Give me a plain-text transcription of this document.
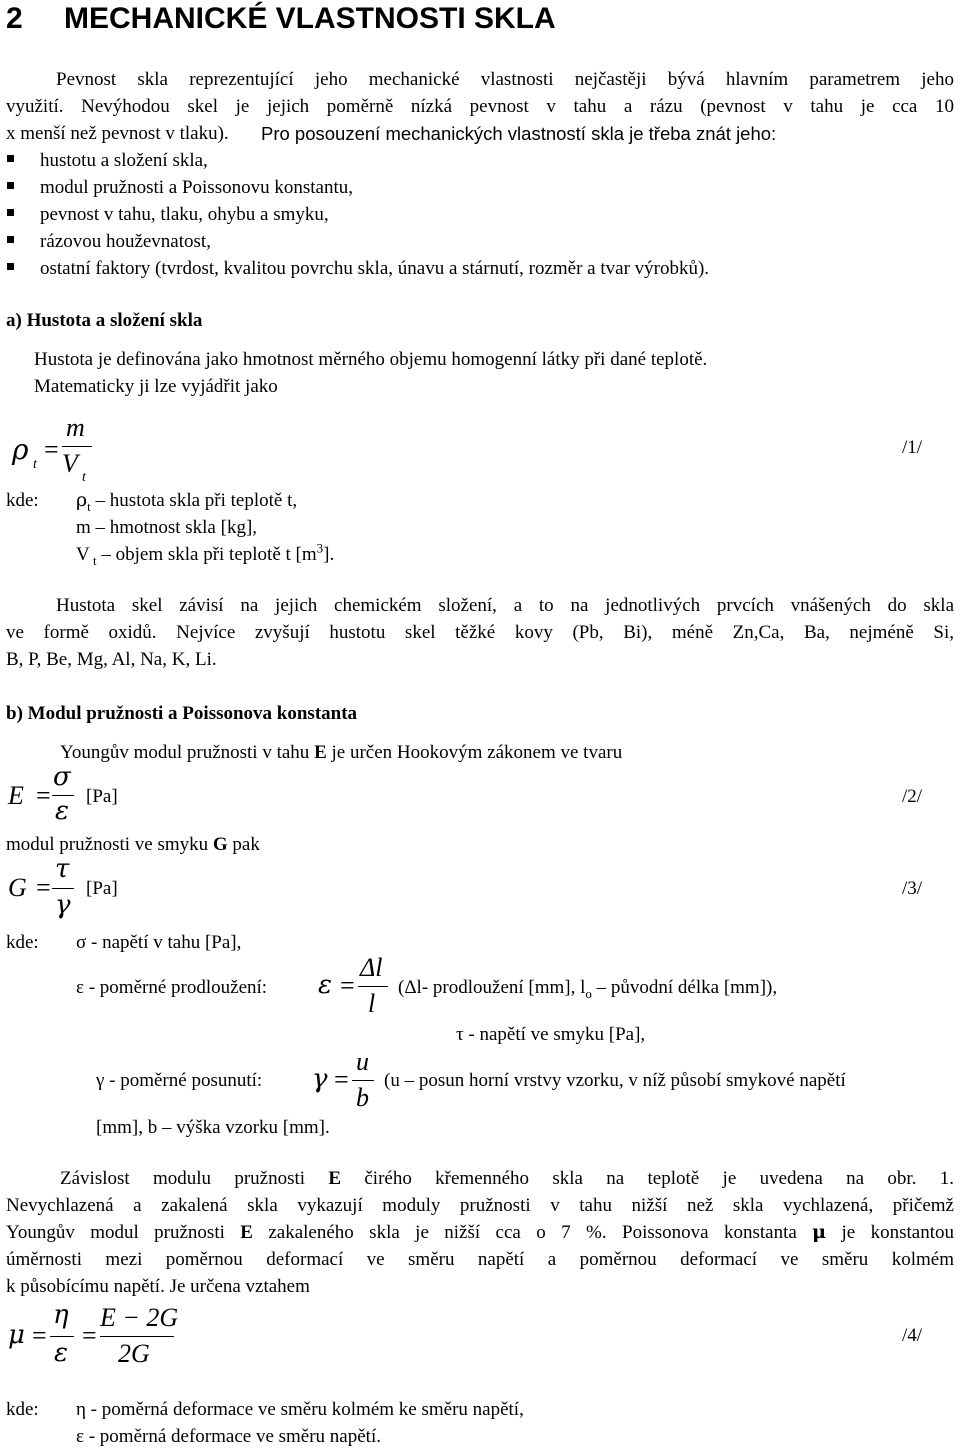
2 MECHANICKÉ VLASTNOSTI SKLA
Pevnost skla reprezentující jeho mechanické vlastnosti nejčastěji bývá hlavním parametrem jeho
využití. Nevýhodou skel je jejich poměrně nízká pevnost v tahu a rázu (pevnost v tahu je cca 10
x menší než pevnost v tlaku). Pro posouzení mechanických vlastností skla je třeba znát jeho:
hustotu a složení skla,
modul pružnosti a Poissonovu konstantu,
pevnost v tahu, tlaku, ohybu a smyku,
rázovou houževnatost,
ostatní faktory (tvrdost, kvalitou povrchu skla, únavu a stárnutí, rozměr a tvar výrobků).
a) Hustota a složení skla
Hustota je definována jako hmotnost měrného objemu homogenní látky při dané teplotě.
Matematicky ji lze vyjádřit jako
ρ t
=
m
V t
/1/
kde: $\rho_t$ – hustota skla při teplotě t,
m – hmotnost skla [kg],
V $_t$ – objem skla při teplotě t $[m^3]$.
Hustota skel závisí na jejich chemickém složení, a to na jednotlivých prvcích vnášených do skla
ve formě oxidů. Nejvíce zvyšují hustotu skel těžké kovy (Pb, Bi), méně Zn,Ca, Ba, nejméně Si,
B, P, Be, Mg, Al, Na, K, Li.
b) Modul pružnosti a Poissonova konstanta
Youngův modul pružnosti v tahu E je určen Hookovým zákonem ve tvaru
E =
σ
ε [Pa]	/2/
modul pružnosti ve smyku G pak
G =
τ
γ
[Pa]	/3/
kde: σ - napětí v tahu [Pa],
ε - poměrné prodloužení: ε =
Δl
l
(Δl- prodloužení [mm], $l_o$ – původní délka [mm]),
τ - napětí ve smyku [Pa],
γ - poměrné posunutí: γ =
u
b
(u – posun horní vrstvy vzorku, v níž působí smykové napětí
[mm], b – výška vzorku [mm].
Závislost modulu pružnosti E čirého křemenného skla na teplotě je uvedena na obr. 1.
Nevychlazená a zakalená skla vykazují moduly pružnosti v tahu nižší než skla vychlazená, přičemž
Youngův modul pružnosti E zakaleného skla je nižší cca o 7 %. Poissonova konstanta μ je konstantou
úměrnosti mezi poměrnou deformací ve směru napětí a poměrnou deformací ve směru kolmém
k působícímu napětí. Je určena vztahem
μ =
η
ε
=
E − 2G
2G
/4/
kde: η - poměrná deformace ve směru kolmém ke směru napětí,
ε - poměrná deformace ve směru napětí.
